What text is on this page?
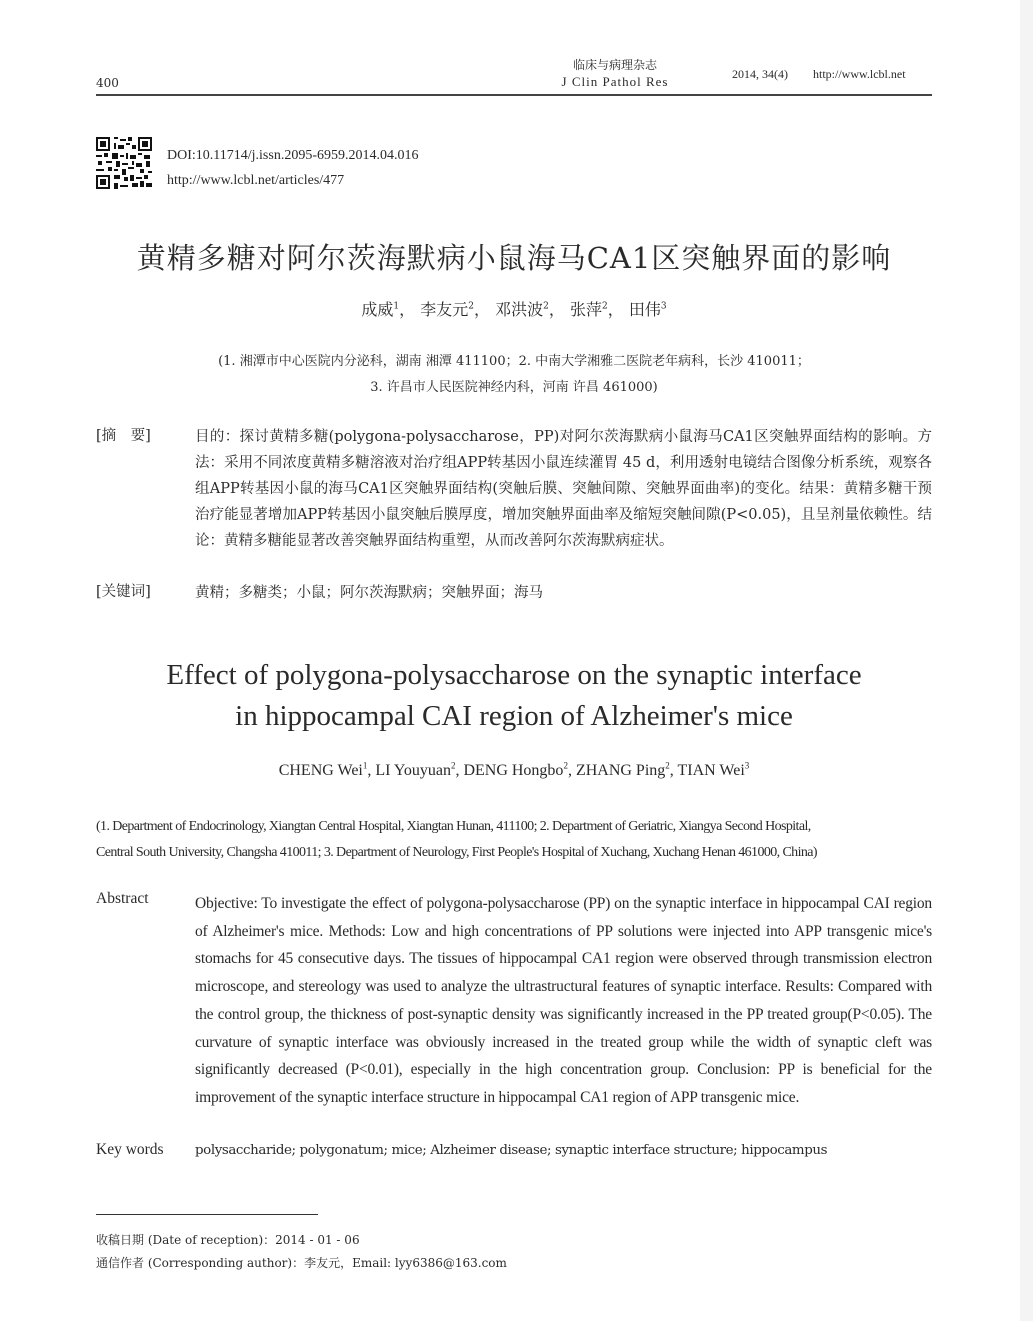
400
临床与病理杂志
J Clin Pathol Res	2014, 34(4) http://www.lcbl.net
DOI:10.11714/j.issn.2095-6959.2014.04.016
http://www.lcbl.net/articles/477
黄精多糖对阿尔茨海默病小鼠海马CA1区突触界面的影响
成威$^1$， 李友元$^2$， 邓洪波$^2$， 张萍$^2$， 田伟$^3$
(1. 湘潭市中心医院内分泌科，湖南 湘潭 411100；2. 中南大学湘雅二医院老年病科，长沙 410011；
3. 许昌市人民医院神经内科，河南 许昌 461000)
[摘　要]	目的：探讨黄精多糖(polygona-polysaccharose，PP)对阿尔茨海默病小鼠海马CA1区突触界面结构的影响。方法：采用不同浓度黄精多糖溶液对治疗组APP转基因小鼠连续灌胃 45 d，利用透射电镜结合图像分析系统，观察各组APP转基因小鼠的海马CA1区突触界面结构(突触后膜、突触间隙、突触界面曲率)的变化。结果：黄精多糖干预治疗能显著增加APP转基因小鼠突触后膜厚度，增加突触界面曲率及缩短突触间隙(P<0.05)，且呈剂量依赖性。结论：黄精多糖能显著改善突触界面结构重塑，从而改善阿尔茨海默病症状。
[关键词]	黄精；多糖类；小鼠；阿尔茨海默病；突触界面；海马
Effect of polygona-polysaccharose on the synaptic interface
in hippocampal CAI region of Alzheimer's mice
CHENG Wei$^1$, LI Youyuan$^2$, DENG Hongbo$^2$, ZHANG Ping$^2$, TIAN Wei$^3$
(1. Department of Endocrinology, Xiangtan Central Hospital, Xiangtan Hunan, 411100; 2. Department of Geriatric, Xiangya Second Hospital,
Central South University, Changsha 410011; 3. Department of Neurology, First People's Hospital of Xuchang, Xuchang Henan 461000, China)
Abstract	Objective: To investigate the effect of polygona-polysaccharose (PP) on the synaptic interface in hippocampal CAI region of Alzheimer's mice. Methods: Low and high concentrations of PP solutions were injected into APP transgenic mice's stomachs for 45 consecutive days. The tissues of hippocampal CA1 region were observed through transmission electron microscope, and stereology was used to analyze the ultrastructural features of synaptic interface. Results: Compared with the control group, the thickness of post-synaptic density was significantly increased in the PP treated group(P<0.05). The curvature of synaptic interface was obviously increased in the treated group while the width of synaptic cleft was significantly decreased (P<0.01), especially in the high concentration group. Conclusion: PP is beneficial for the improvement of the synaptic interface structure in hippocampal CA1 region of APP transgenic mice.
Key words polysaccharide; polygonatum; mice; Alzheimer disease; synaptic interface structure; hippocampus
收稿日期 (Date of reception)：2014 - 01 - 06
通信作者 (Corresponding author)：李友元，Email: lyy6386@163.com
